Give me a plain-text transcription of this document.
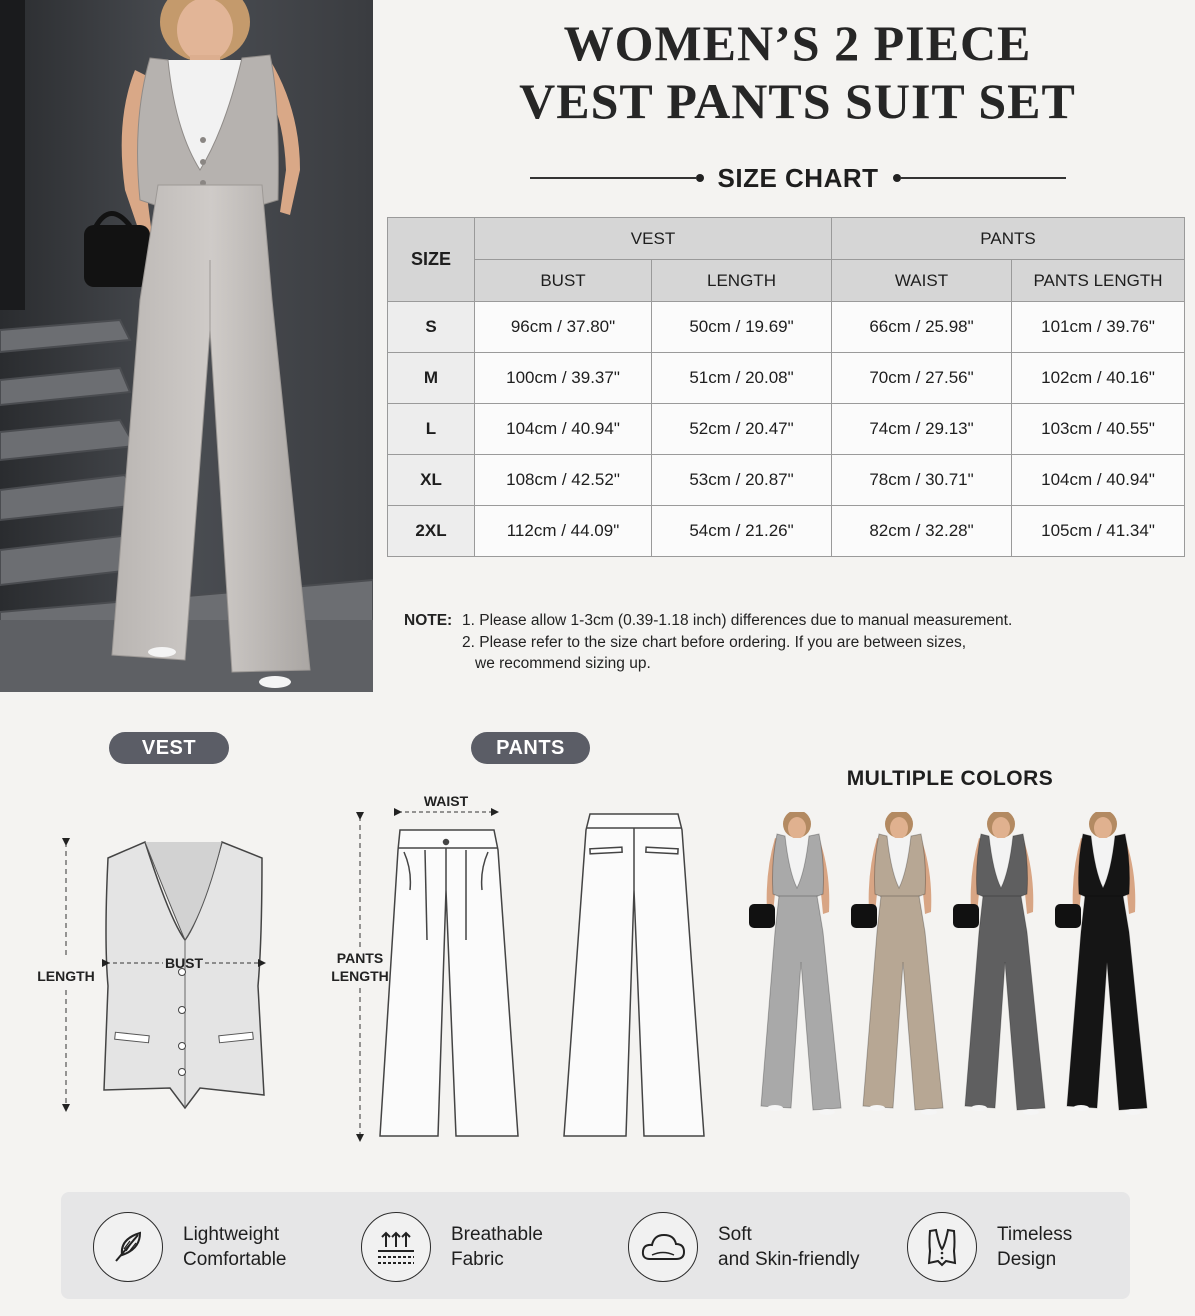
WOMEN’S 2 PIECE
VEST PANTS SUIT SET
SIZE CHART
SIZE	VEST		PANTS	
	BUST	LENGTH	WAIST	PANTS LENGTH
S	96cm / 37.80"	50cm / 19.69"	66cm / 25.98"	101cm / 39.76"
M	100cm / 39.37"	51cm / 20.08"	70cm / 27.56"	102cm / 40.16"
L	104cm / 40.94"	52cm / 20.47"	74cm / 29.13"	103cm / 40.55"
XL	108cm / 42.52"	53cm / 20.87"	78cm / 30.71"	104cm / 40.94"
2XL	112cm / 44.09"	54cm / 21.26"	82cm / 32.28"	105cm / 41.34"
NOTE: 1. Please allow 1-3cm (0.39-1.18 inch) differences due to manual measurement.
2. Please refer to the size chart before ordering. If you are between sizes,
we recommend sizing up.
VEST	PANTS
LENGTH
BUST
WAIST
PANTS
LENGTH
MULTIPLE COLORS
Lightweight
Comfortable
Breathable
Fabric
Soft
and Skin-friendly
Timeless
Design
